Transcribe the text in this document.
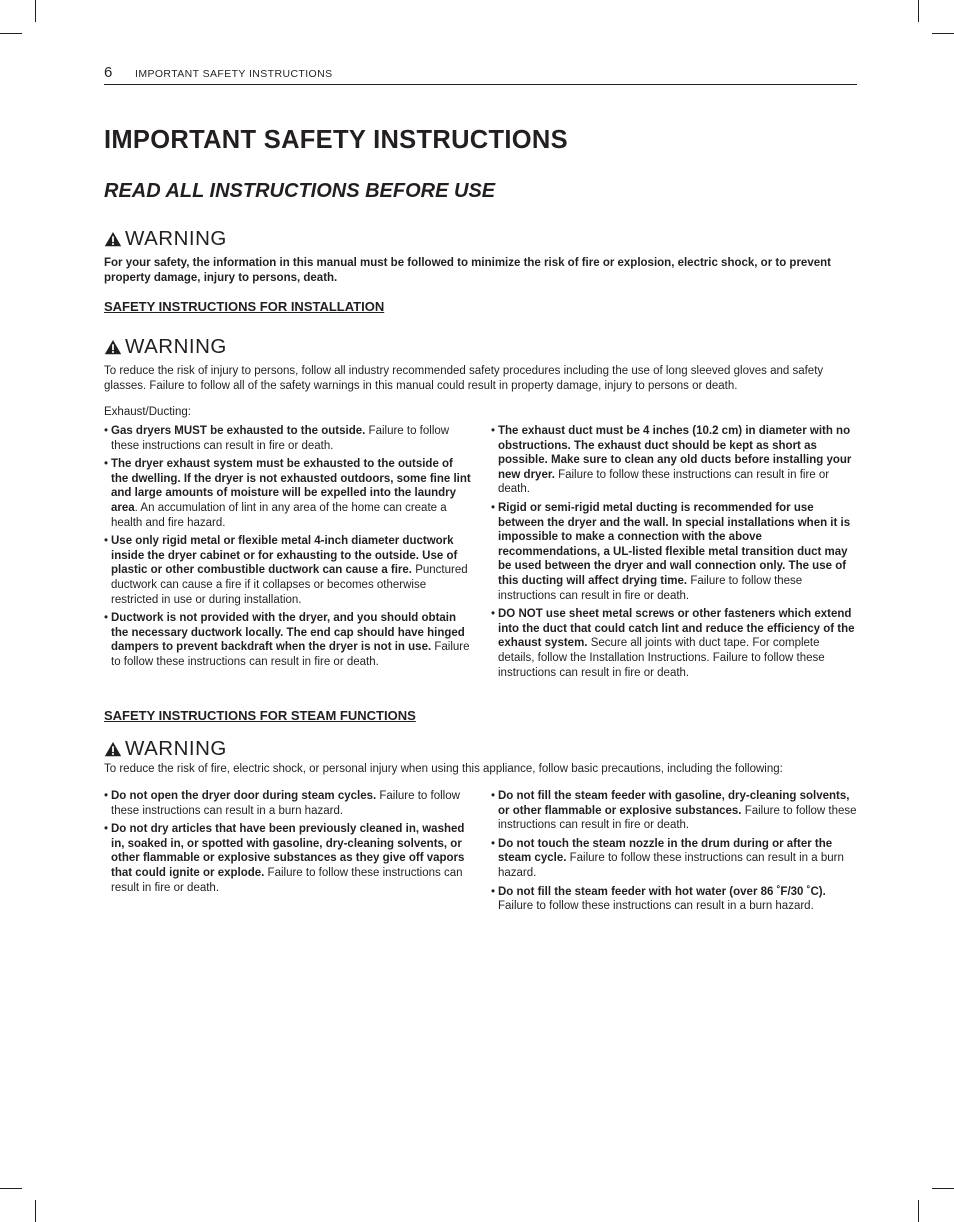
6 IMPORTANT SAFETY INSTRUCTIONS
IMPORTANT SAFETY INSTRUCTIONS
READ ALL INSTRUCTIONS BEFORE USE
WARNING

For your safety, the information in this manual must be followed to minimize the risk of fire or explosion, electric shock, or to prevent property damage, injury to persons, death.

SAFETY INSTRUCTIONS FOR INSTALLATION
WARNING

To reduce the risk of injury to persons, follow all industry recommended safety procedures including the use of long sleeved gloves and safety glasses. Failure to follow all of the safety warnings in this manual could result in property damage, injury to persons or death.

Exhaust/Ducting:
• Gas dryers MUST be exhausted to the outside. Failure to follow these instructions can result in fire or death.
• The dryer exhaust system must be exhausted to the outside of the dwelling. If the dryer is not exhausted outdoors, some fine lint and large amounts of moisture will be expelled into the laundry area. An accumulation of lint in any area of the home can create a health and fire hazard.
• Use only rigid metal or flexible metal 4-inch diameter ductwork inside the dryer cabinet or for exhausting to the outside. Use of plastic or other combustible ductwork can cause a fire. Punctured ductwork can cause a fire if it collapses or becomes otherwise restricted in use or during installation.
• Ductwork is not provided with the dryer, and you should obtain the necessary ductwork locally. The end cap should have hinged dampers to prevent backdraft when the dryer is not in use. Failure to follow these instructions can result in fire or death.
• The exhaust duct must be 4 inches (10.2 cm) in diameter with no obstructions. The exhaust duct should be kept as short as possible. Make sure to clean any old ducts before installing your new dryer. Failure to follow these instructions can result in fire or death.
• Rigid or semi-rigid metal ducting is recommended for use between the dryer and the wall. In special installations when it is impossible to make a connection with the above recommendations, a UL-listed flexible metal transition duct may be used between the dryer and wall connection only. The use of this ducting will affect drying time. Failure to follow these instructions can result in fire or death.
• DO NOT use sheet metal screws or other fasteners which extend into the duct that could catch lint and reduce the efficiency of the exhaust system. Secure all joints with duct tape. For complete details, follow the Installation Instructions. Failure to follow these instructions can result in fire or death.
SAFETY INSTRUCTIONS FOR STEAM FUNCTIONS
WARNING

To reduce the risk of fire, electric shock, or personal injury when using this appliance, follow basic precautions, including the following:

• Do not open the dryer door during steam cycles. Failure to follow these instructions can result in a burn hazard.
• Do not dry articles that have been previously cleaned in, washed in, soaked in, or spotted with gasoline, dry-cleaning solvents, or other flammable or explosive substances as they give off vapors that could ignite or explode. Failure to follow these instructions can result in fire or death.
• Do not fill the steam feeder with gasoline, dry-cleaning solvents, or other flammable or explosive substances. Failure to follow these instructions can result in fire or death.
• Do not touch the steam nozzle in the drum during or after the steam cycle. Failure to follow these instructions can result in a burn hazard.
• Do not fill the steam feeder with hot water (over 86 ˚F/30 ˚C). Failure to follow these instructions can result in a burn hazard.
